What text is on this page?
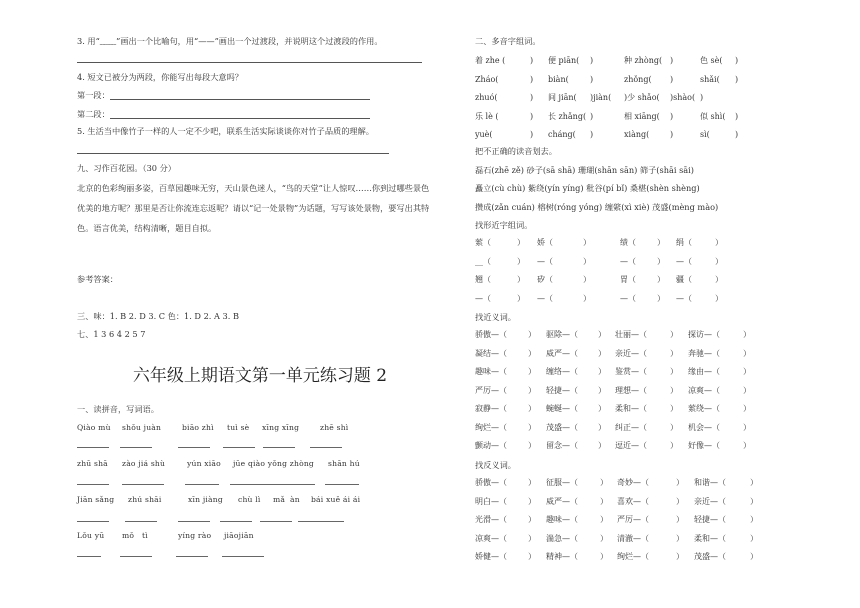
3. 用“﹏﹏”画出一个比喻句，用“——”画出一个过渡段，并说明这个过渡段的作用。
4. 短文已被分为两段，你能写出每段大意吗？
第一段：
第二段：
5. 生活当中像竹子一样的人一定不少吧，联系生活实际谈谈你对竹子品质的理解。
九、习作百花园。（30 分）
北京的色彩绚丽多姿，百草园趣味无穷，天山景色迷人，“鸟的天堂”让人惊叹……你到过哪些景色优美的地方呢？那里是否让你流连忘返呢？请以“记一处景物”为话题，写写该处景物，要写出其特色。语言优美，结构清晰，题目自拟。
参考答案：
三、味：1. B 2. D 3. C 色：1. D 2. A 3. B
七、1 3 6 4 2 5 7
六年级上期语文第一单元练习题 2
一、读拼音，写词语。
Qiào mù shǒu juàn	biāo zhì tuì sè xīng xīng	zhē shì
zhū shā zào jiá shù	yún xiāo jūe qiào yǒng zhòng shān hú
Jiān sǎng zhú shāi	xīn jiàng chù lì mǎ àn bái xuě ái ái
Lǒu yū mǒ tì	yíng rào jiāojiān
二、多音字组词。
着 zhe (	) 便 piān( )	种 zhòng( )	色 sè( )
Zháo(	) biàn(	)	zhǒng( )	shǎi( )
zhuó(	) 间 jiān( )jiàn( )少 shǎo( )shào( )
乐 lè (	) 长 zhǎng( )	相 xiāng( )	似 shì( )
yuè(	) cháng( )	xiàng(	)	sì(	)
把不正确的读音划去。
磊石(zhē zě) 砂子(sā shā) 珊瑚(shān sān) 筛子(shāi sāi)
矗立(cù chù) 紫绕(yín yíng) 秕谷(pí bǐ) 桑椹(shèn shèng)
攒成(zǎn cuán) 榕树(róng yóng) 缠綮(xì xiè) 茂盛(mèng mào)
找形近字组词。
萦（	） 娇（	）	绩（	） 绢（	）
__（	） —（	）	—（	） —（	）
翘（	） 矽（	）	胃（	） 疆（	）
—（	） —（	）	—（	） —（	）
找近义词。
骄傲—（	） 驱除—（	） 壮丽—（	） 探访—（	）
凝结—（	） 威严—（	） 亲近—（	） 奔驰—（	）
趣味—（	） 缠络—（	） 鉴赏—（	） 缘由—（	）
严厉—（	） 轻捷—（	） 理想—（	） 凉爽—（	）
寂静—（	） 蜿蜒—（	） 柔和—（	） 萦绕—（	）
绚烂—（	） 茂盛—（	） 纠正—（	） 机会—（	）
颤动—（	） 留念—（	） 逗近—（	） 好像—（	）
找反义词。
骄傲—（	） 征服—（	） 奇妙—（	） 和谐—（	）
明白—（	） 威严—（	） 喜欢—（	） 亲近—（	）
光滑—（	） 趣味—（	） 严厉—（	） 轻捷—（	）
凉爽—（	） 湍急—（	） 清澈—（	） 柔和—（	）
娇健—（	） 精神—（	） 绚烂—（	） 茂盛—（	）
